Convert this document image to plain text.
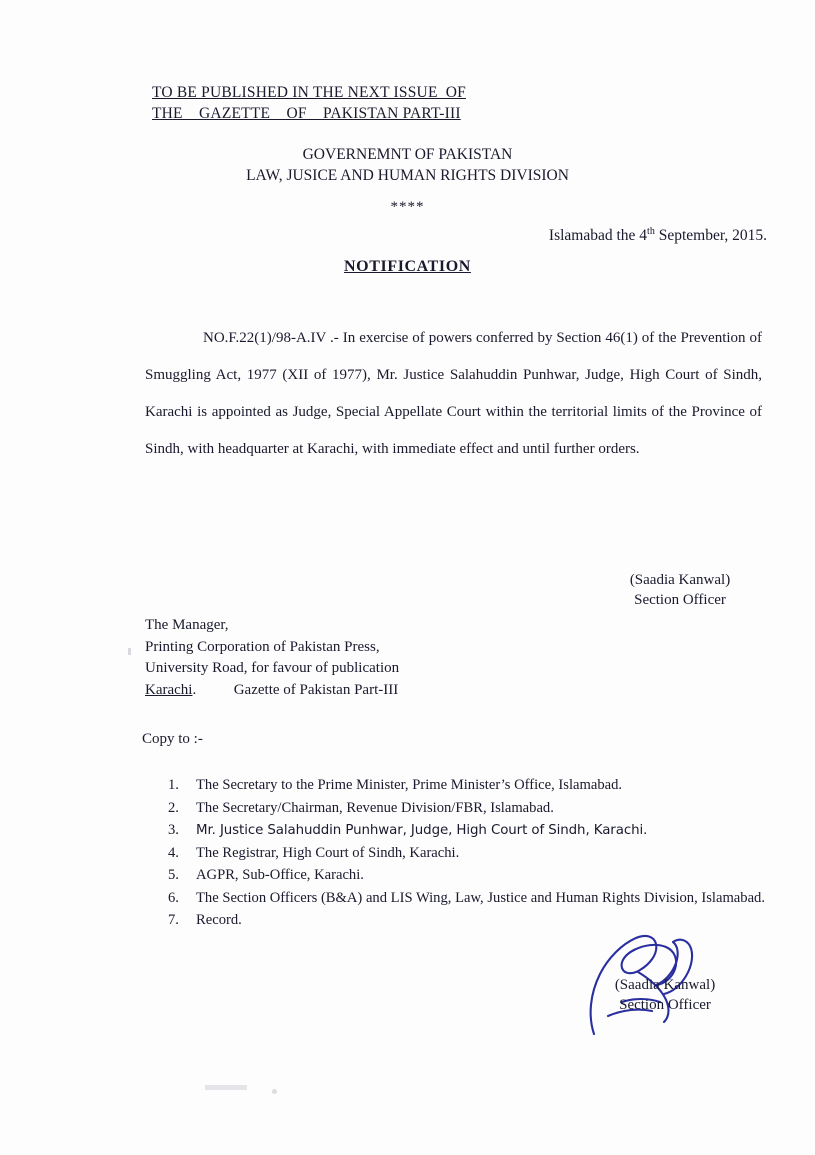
TO BE PUBLISHED IN THE NEXT ISSUE  OF
THE    GAZETTE    OF    PAKISTAN PART-III
GOVERNEMNT OF PAKISTAN
LAW, JUSICE AND HUMAN RIGHTS DIVISION
****
Islamabad the 4th September, 2015.
NOTIFICATION
NO.F.22(1)/98-A.IV .- In exercise of powers conferred by Section 46(1) of the Prevention of Smuggling Act, 1977 (XII of 1977), Mr. Justice Salahuddin Punhwar, Judge, High Court of Sindh, Karachi is appointed as Judge, Special Appellate Court within the territorial limits of the Province of Sindh, with headquarter at Karachi, with immediate effect and until further orders.
(Saadia Kanwal)
Section Officer
The Manager,
Printing Corporation of Pakistan Press,
University Road, for favour of publication
Karachi.          Gazette of Pakistan Part-III
Copy to :-
1.	The Secretary to the Prime Minister, Prime Minister’s Office, Islamabad.
2.	The Secretary/Chairman, Revenue Division/FBR, Islamabad.
3.	Mr. Justice Salahuddin Punhwar, Judge, High Court of Sindh, Karachi.
4.	The Registrar, High Court of Sindh, Karachi.
5.	AGPR, Sub-Office, Karachi.
6.	The Section Officers (B&A) and LIS Wing, Law, Justice and Human Rights Division, Islamabad.
7.	Record.
(Saadia Kanwal)
Section Officer
